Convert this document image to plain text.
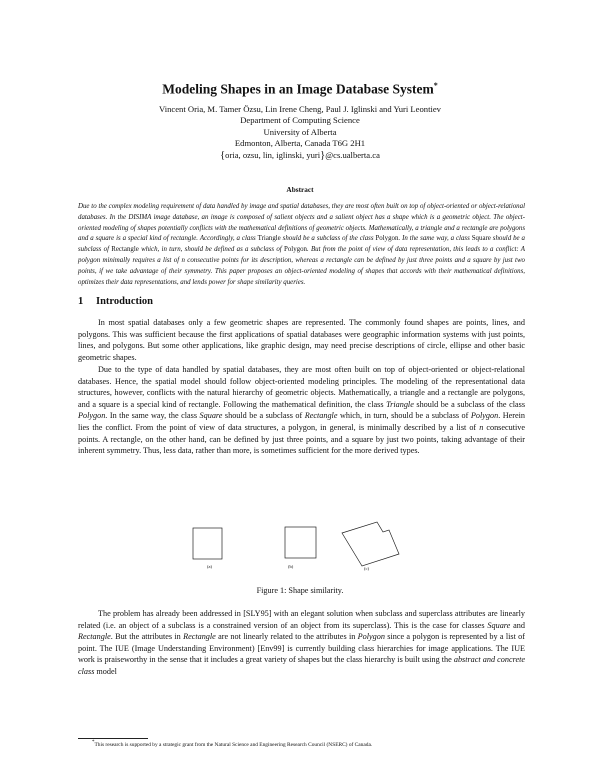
Modeling Shapes in an Image Database System*
Vincent Oria, M. Tamer Özsu, Lin Irene Cheng, Paul J. Iglinski and Yuri Leontiev
Department of Computing Science
University of Alberta
Edmonton, Alberta, Canada T6G 2H1
{oria, ozsu, lin, iglinski, yuri}@cs.ualberta.ca
Abstract

Due to the complex modeling requirement of data handled by image and spatial databases, they are most often built on top of object-oriented or object-relational databases. In the DISIMA image database, an image is composed of salient objects and a salient object has a shape which is a geometric object. The object-oriented modeling of shapes potentially conflicts with the mathematical definitions of geometric objects. Mathematically, a triangle and a rectangle are polygons and a square is a special kind of rectangle. Accordingly, a class Triangle should be a subclass of the class Polygon. In the same way, a class Square should be a subclass of Rectangle which, in turn, should be defined as a subclass of Polygon. But from the point of view of data representation, this leads to a conflict: A polygon minimally requires a list of n consecutive points for its description, whereas a rectangle can be defined by just three points and a square by just two points, if we take advantage of their symmetry. This paper proposes an object-oriented modeling of shapes that accords with their mathematical definitions, optimizes their data representations, and lends power for shape similarity queries.

1 Introduction

In most spatial databases only a few geometric shapes are represented. The commonly found shapes are points, lines, and polygons. This was sufficient because the first applications of spatial databases were geographic information systems with just points, lines, and polygons. But some other applications, like graphic design, may need precise descriptions of circle, ellipse and other basic geometric shapes.

Due to the type of data handled by spatial databases, they are most often built on top of object-oriented or object-relational databases. Hence, the spatial model should follow object-oriented modeling principles. The modeling of the representational data structures, however, conflicts with the natural hierarchy of geometric objects. Mathematically, a triangle and a rectangle are polygons, and a square is a special kind of rectangle. Following the mathematical definition, the class Triangle should be a subclass of the class Polygon. In the same way, the class Square should be a subclass of Rectangle which, in turn, should be a subclass of Polygon. Herein lies the conflict. From the point of view of data structures, a polygon, in general, is minimally described by a list of n consecutive points. A rectangle, on the other hand, can be defined by just three points, and a square by just two points, taking advantage of their inherent symmetry. Thus, less data, rather than more, is sometimes sufficient for the more derived types.

(a)	(b)	(c)
Figure 1: Shape similarity.

The problem has already been addressed in [SLY95] with an elegant solution when subclass and superclass attributes are linearly related (i.e. an object of a subclass is a constrained version of an object from its superclass). This is the case for classes Square and Rectangle. But the attributes in Rectangle are not linearly related to the attributes in Polygon since a polygon is represented by a list of point. The IUE (Image Understanding Environment) [Env99] is currently building class hierarchies for image applications. The IUE work is praiseworthy in the sense that it includes a great variety of shapes but the class hierarchy is built using the abstract and concrete class model

*This research is supported by a strategic grant from the Natural Science and Engineering Research Council (NSERC) of Canada.
